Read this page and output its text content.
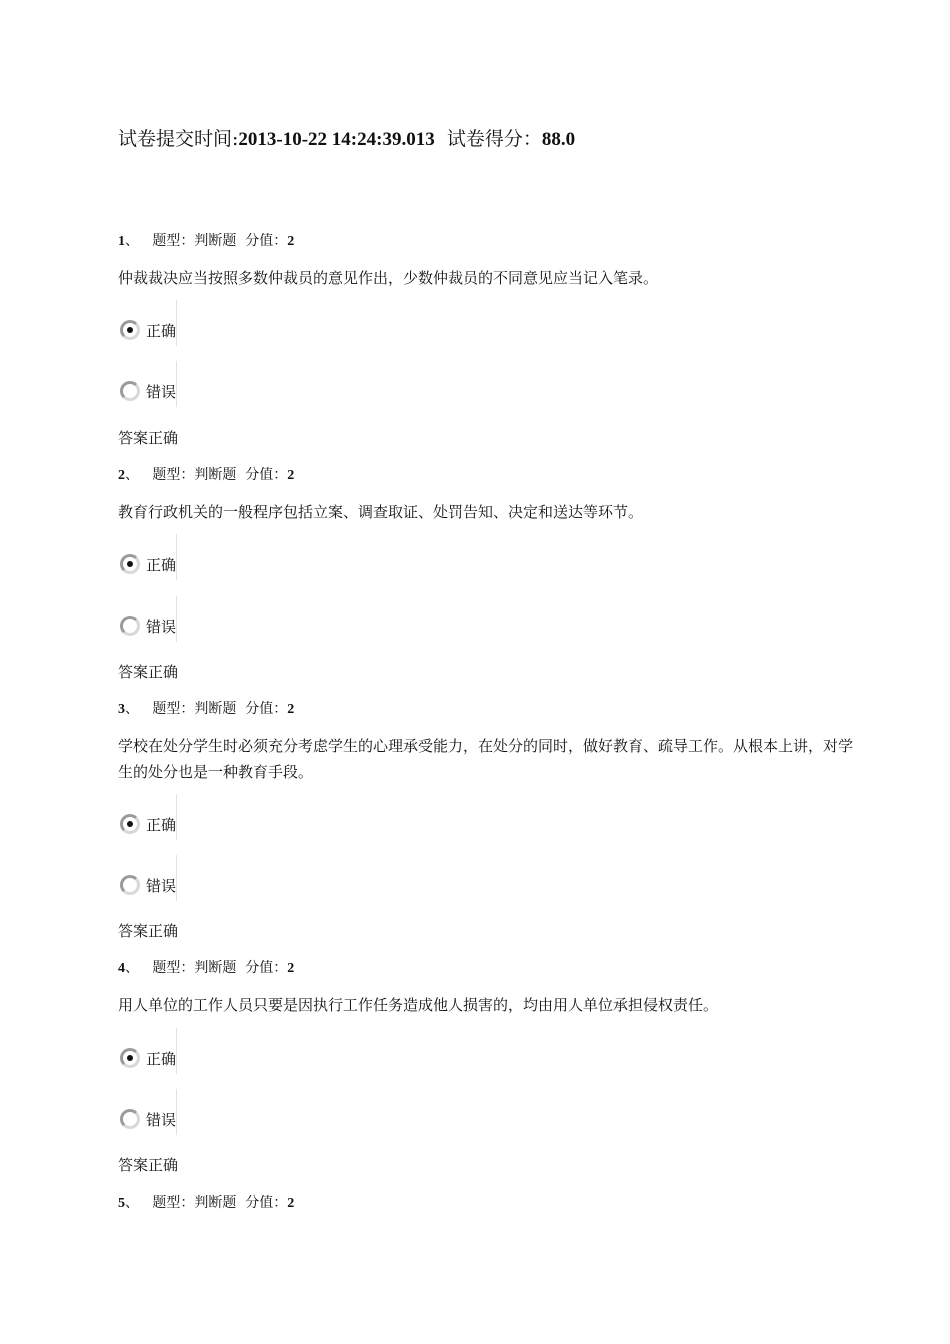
试卷提交时间:2013-10-22 14:24:39.013 试卷得分：88.0
1、 题型：判断题 分值：2
仲裁裁决应当按照多数仲裁员的意见作出，少数仲裁员的不同意见应当记入笔录。
正确
错误
答案正确
2、 题型：判断题 分值：2
教育行政机关的一般程序包括立案、调查取证、处罚告知、决定和送达等环节。
正确
错误
答案正确
3、 题型：判断题 分值：2
学校在处分学生时必须充分考虑学生的心理承受能力，在处分的同时，做好教育、疏导工作。从根本上讲，对学生的处分也是一种教育手段。
正确
错误
答案正确
4、 题型：判断题 分值：2
用人单位的工作人员只要是因执行工作任务造成他人损害的，均由用人单位承担侵权责任。
正确
错误
答案正确
5、 题型：判断题 分值：2
